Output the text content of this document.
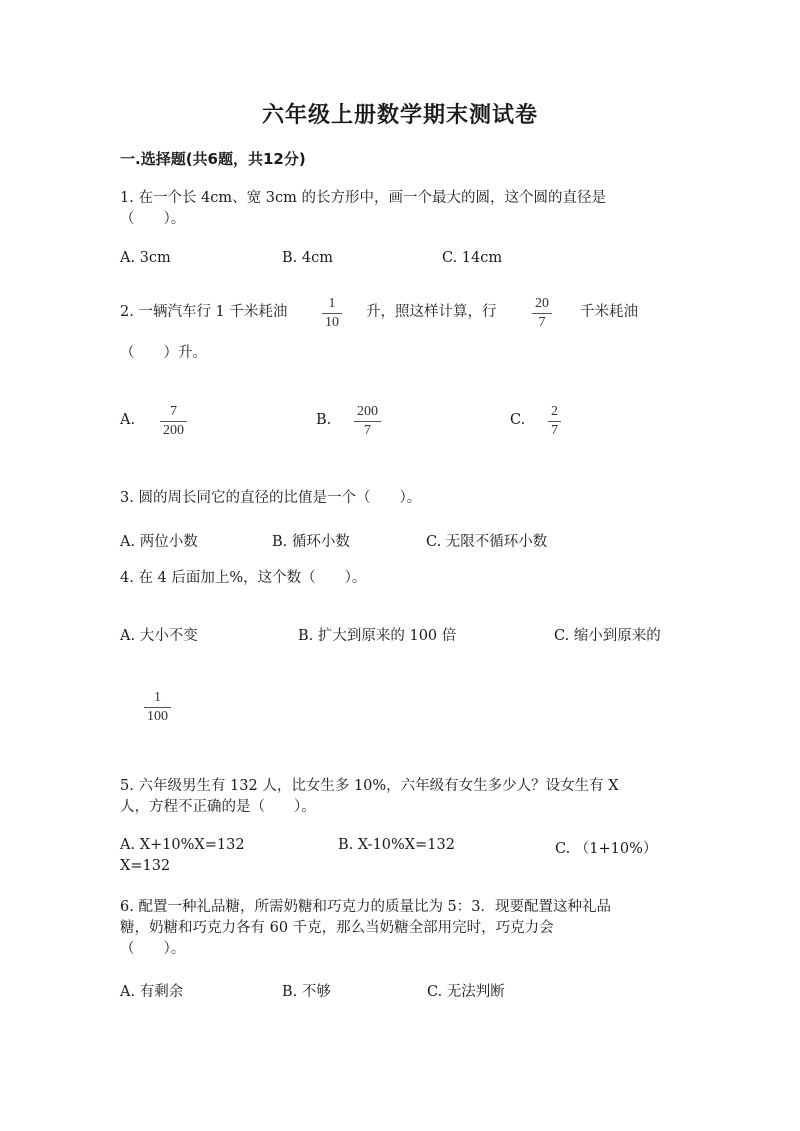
六年级上册数学期末测试卷
一.选择题(共6题，共12分)
1. 在一个长 4cm、宽 3cm 的长方形中，画一个最大的圆，这个圆的直径是
（　　）。
A. 3cm	B. 4cm	C. 14cm
2. 一辆汽车行 1 千米耗油
1
10
升，照这样计算，行
20
7
千米耗油
（　　）升。
A.
7
200
B.
200
7
C.
2
7
3. 圆的周长同它的直径的比值是一个（　　）。
A. 两位小数	B. 循环小数	C. 无限不循环小数
4. 在 4 后面加上%，这个数（　　）。
A. 大小不变	B. 扩大到原来的 100 倍	C. 缩小到原来的
1
100
5. 六年级男生有 132 人，比女生多 10%，六年级有女生多少人？设女生有 X
人，方程不正确的是（　　）。
A. X+10%X=132	B. X-10%X=132	C. （1+10%）
X=132
6. 配置一种礼品糖，所需奶糖和巧克力的质量比为 5：3．现要配置这种礼品
糖，奶糖和巧克力各有 60 千克，那么当奶糖全部用完时，巧克力会
（　　）。
A. 有剩余	B. 不够	C. 无法判断
